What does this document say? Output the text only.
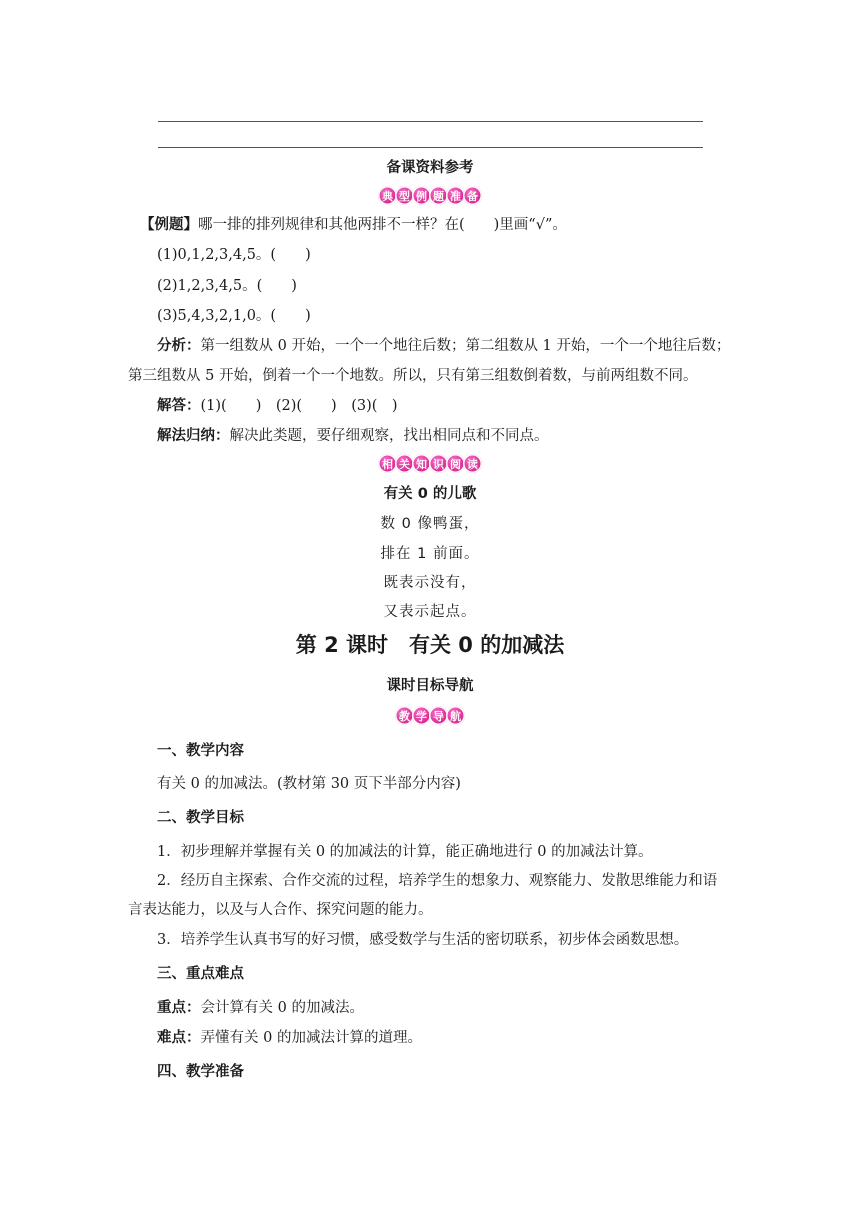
备课资料参考
典 型 例 题 准 备
【例题】哪一排的排列规律和其他两排不一样？在(　　)里画“√”。
(1)0,1,2,3,4,5。(　　)
(2)1,2,3,4,5。(　　)
(3)5,4,3,2,1,0。(　　)
分析：第一组数从 0 开始，一个一个地往后数；第二组数从 1 开始，一个一个地往后数；
第三组数从 5 开始，倒着一个一个地数。所以，只有第三组数倒着数，与前两组数不同。
解答：(1)(　　)　(2)(　　)　(3)(　)
解法归纳：解决此类题，要仔细观察，找出相同点和不同点。
相 关 知 识 阅 读
有关 0 的儿歌
数 0 像鸭蛋，
排在 1 前面。
既表示没有，
又表示起点。
第 2 课时　有关 0 的加减法
课时目标导航
教 学 导 航
一、教学内容
有关 0 的加减法。(教材第 30 页下半部分内容)
二、教学目标
1．初步理解并掌握有关 0 的加减法的计算，能正确地进行 0 的加减法计算。
2．经历自主探索、合作交流的过程，培养学生的想象力、观察能力、发散思维能力和语
言表达能力，以及与人合作、探究问题的能力。
3．培养学生认真书写的好习惯，感受数学与生活的密切联系，初步体会函数思想。
三、重点难点
重点：会计算有关 0 的加减法。
难点：弄懂有关 0 的加减法计算的道理。
四、教学准备
